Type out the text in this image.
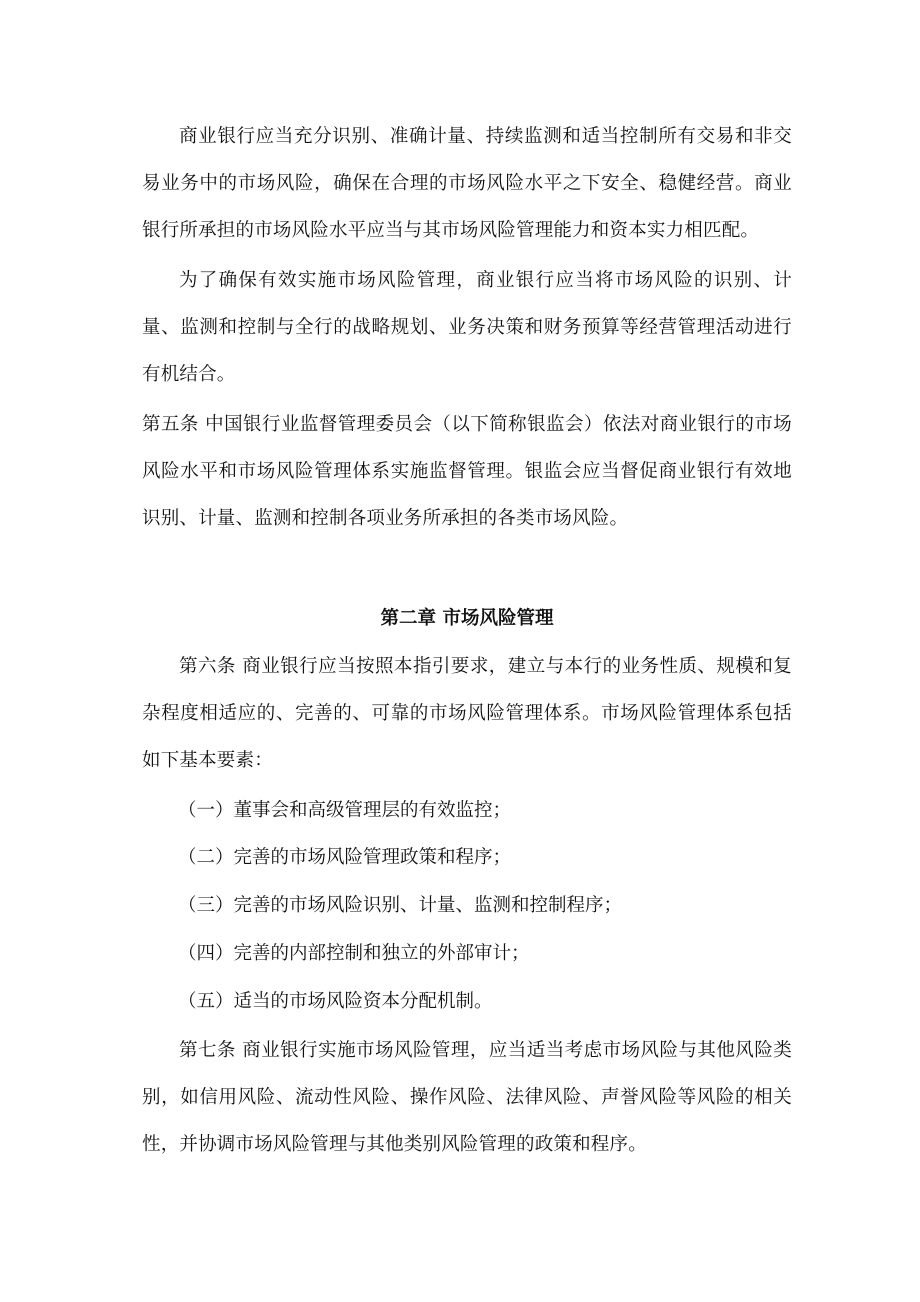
商业银行应当充分识别、准确计量、持续监测和适当控制所有交易和非交易业务中的市场风险，确保在合理的市场风险水平之下安全、稳健经营。商业银行所承担的市场风险水平应当与其市场风险管理能力和资本实力相匹配。

为了确保有效实施市场风险管理，商业银行应当将市场风险的识别、计量、监测和控制与全行的战略规划、业务决策和财务预算等经营管理活动进行有机结合。

第五条 中国银行业监督管理委员会（以下简称银监会）依法对商业银行的市场风险水平和市场风险管理体系实施监督管理。银监会应当督促商业银行有效地识别、计量、监测和控制各项业务所承担的各类市场风险。

第二章 市场风险管理

第六条 商业银行应当按照本指引要求，建立与本行的业务性质、规模和复杂程度相适应的、完善的、可靠的市场风险管理体系。市场风险管理体系包括如下基本要素：

（一）董事会和高级管理层的有效监控；

（二）完善的市场风险管理政策和程序；

（三）完善的市场风险识别、计量、监测和控制程序；

（四）完善的内部控制和独立的外部审计；

（五）适当的市场风险资本分配机制。

第七条 商业银行实施市场风险管理，应当适当考虑市场风险与其他风险类别，如信用风险、流动性风险、操作风险、法律风险、声誉风险等风险的相关性，并协调市场风险管理与其他类别风险管理的政策和程序。
